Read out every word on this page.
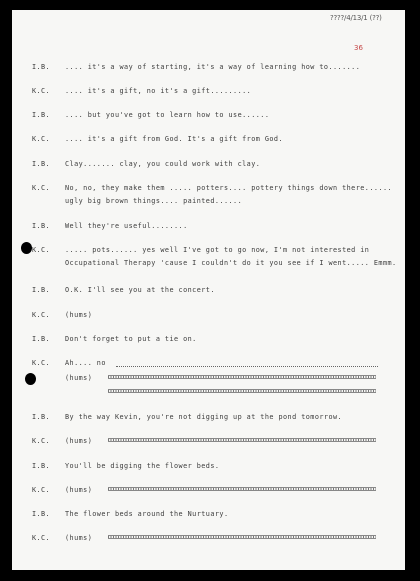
????/4/13/1 (??)
36
I.B. .... it's a way of starting, it's a way of learning how to.......
K.C. .... it's a gift, no it's a gift.........
I.B. .... but you've got to learn how to use......
K.C. .... it's a gift from God. It's a gift from God.
I.B. Clay....... clay, you could work with clay.
K.C. No, no, they make them ..... potters.... pottery things down there......
ugly big brown things.... painted......
I.B. Well they're useful........
K.C. ..... pots...... yes well I've got to go now, I'm not interested in
Occupational Therapy 'cause I couldn't do it you see if I went..... Emmm.
I.B. O.K. I'll see you at the concert.
K.C. (hums)
I.B. Don't forget to put a tie on.
K.C. Ah.... no
(hums)
I.B. By the way Kevin, you're not digging up at the pond tomorrow.
K.C. (hums)
I.B. You'll be digging the flower beds.
K.C. (hums)
I.B. The flower beds around the Nurtuary.
K.C. (hums)
